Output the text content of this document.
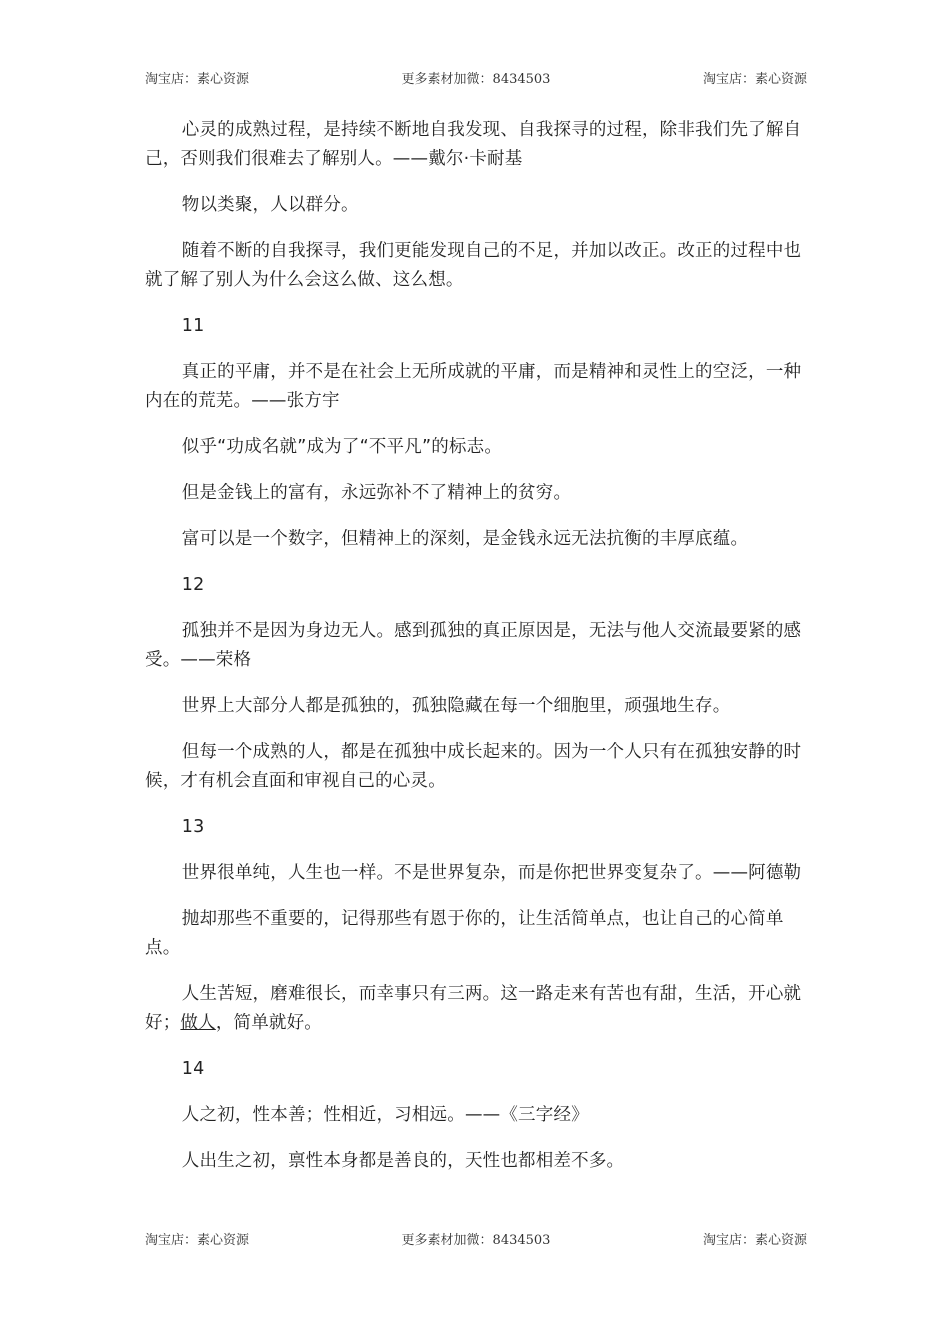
淘宝店：素心资源	更多素材加微：8434503	淘宝店：素心资源

心灵的成熟过程，是持续不断地自我发现、自我探寻的过程，除非我们先了解自己，否则我们很难去了解别人。——戴尔·卡耐基

物以类聚，人以群分。

随着不断的自我探寻，我们更能发现自己的不足，并加以改正。改正的过程中也就了解了别人为什么会这么做、这么想。

11

真正的平庸，并不是在社会上无所成就的平庸，而是精神和灵性上的空泛，一种内在的荒芜。——张方宇

似乎“功成名就”成为了“不平凡”的标志。

但是金钱上的富有，永远弥补不了精神上的贫穷。

富可以是一个数字，但精神上的深刻，是金钱永远无法抗衡的丰厚底蕴。

12

孤独并不是因为身边无人。感到孤独的真正原因是，无法与他人交流最要紧的感受。——荣格

世界上大部分人都是孤独的，孤独隐藏在每一个细胞里，顽强地生存。

但每一个成熟的人，都是在孤独中成长起来的。因为一个人只有在孤独安静的时候，才有机会直面和审视自己的心灵。

13

世界很单纯，人生也一样。不是世界复杂，而是你把世界变复杂了。——阿德勒

抛却那些不重要的，记得那些有恩于你的，让生活简单点，也让自己的心简单点。

人生苦短，磨难很长，而幸事只有三两。这一路走来有苦也有甜，生活，开心就好；做人，简单就好。

14

人之初，性本善；性相近，习相远。——《三字经》

人出生之初，禀性本身都是善良的，天性也都相差不多。

淘宝店：素心资源	更多素材加微：8434503	淘宝店：素心资源
